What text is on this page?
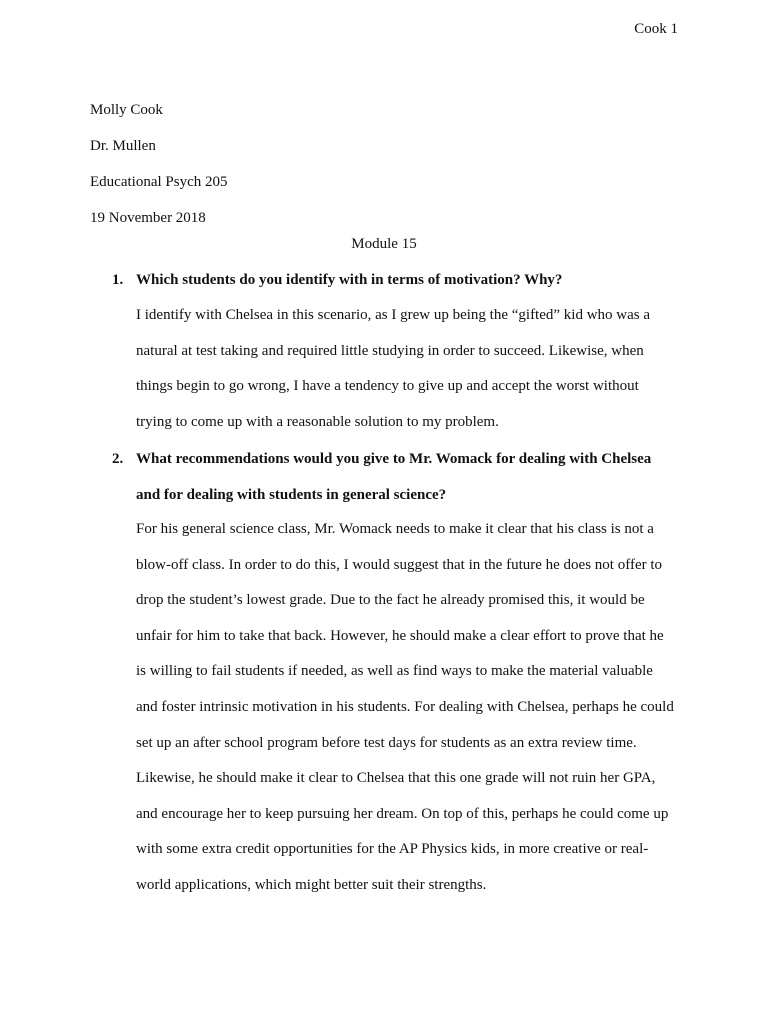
Cook 1
Molly Cook
Dr. Mullen
Educational Psych 205
19 November 2018
Module 15
1. Which students do you identify with in terms of motivation? Why?
I identify with Chelsea in this scenario, as I grew up being the “gifted” kid who was a
natural at test taking and required little studying in order to succeed. Likewise, when
things begin to go wrong, I have a tendency to give up and accept the worst without
trying to come up with a reasonable solution to my problem.
2. What recommendations would you give to Mr. Womack for dealing with Chelsea
and for dealing with students in general science?
For his general science class, Mr. Womack needs to make it clear that his class is not a
blow-off class. In order to do this, I would suggest that in the future he does not offer to
drop the student’s lowest grade. Due to the fact he already promised this, it would be
unfair for him to take that back. However, he should make a clear effort to prove that he
is willing to fail students if needed, as well as find ways to make the material valuable
and foster intrinsic motivation in his students. For dealing with Chelsea, perhaps he could
set up an after school program before test days for students as an extra review time.
Likewise, he should make it clear to Chelsea that this one grade will not ruin her GPA,
and encourage her to keep pursuing her dream. On top of this, perhaps he could come up
with some extra credit opportunities for the AP Physics kids, in more creative or real-
world applications, which might better suit their strengths.
